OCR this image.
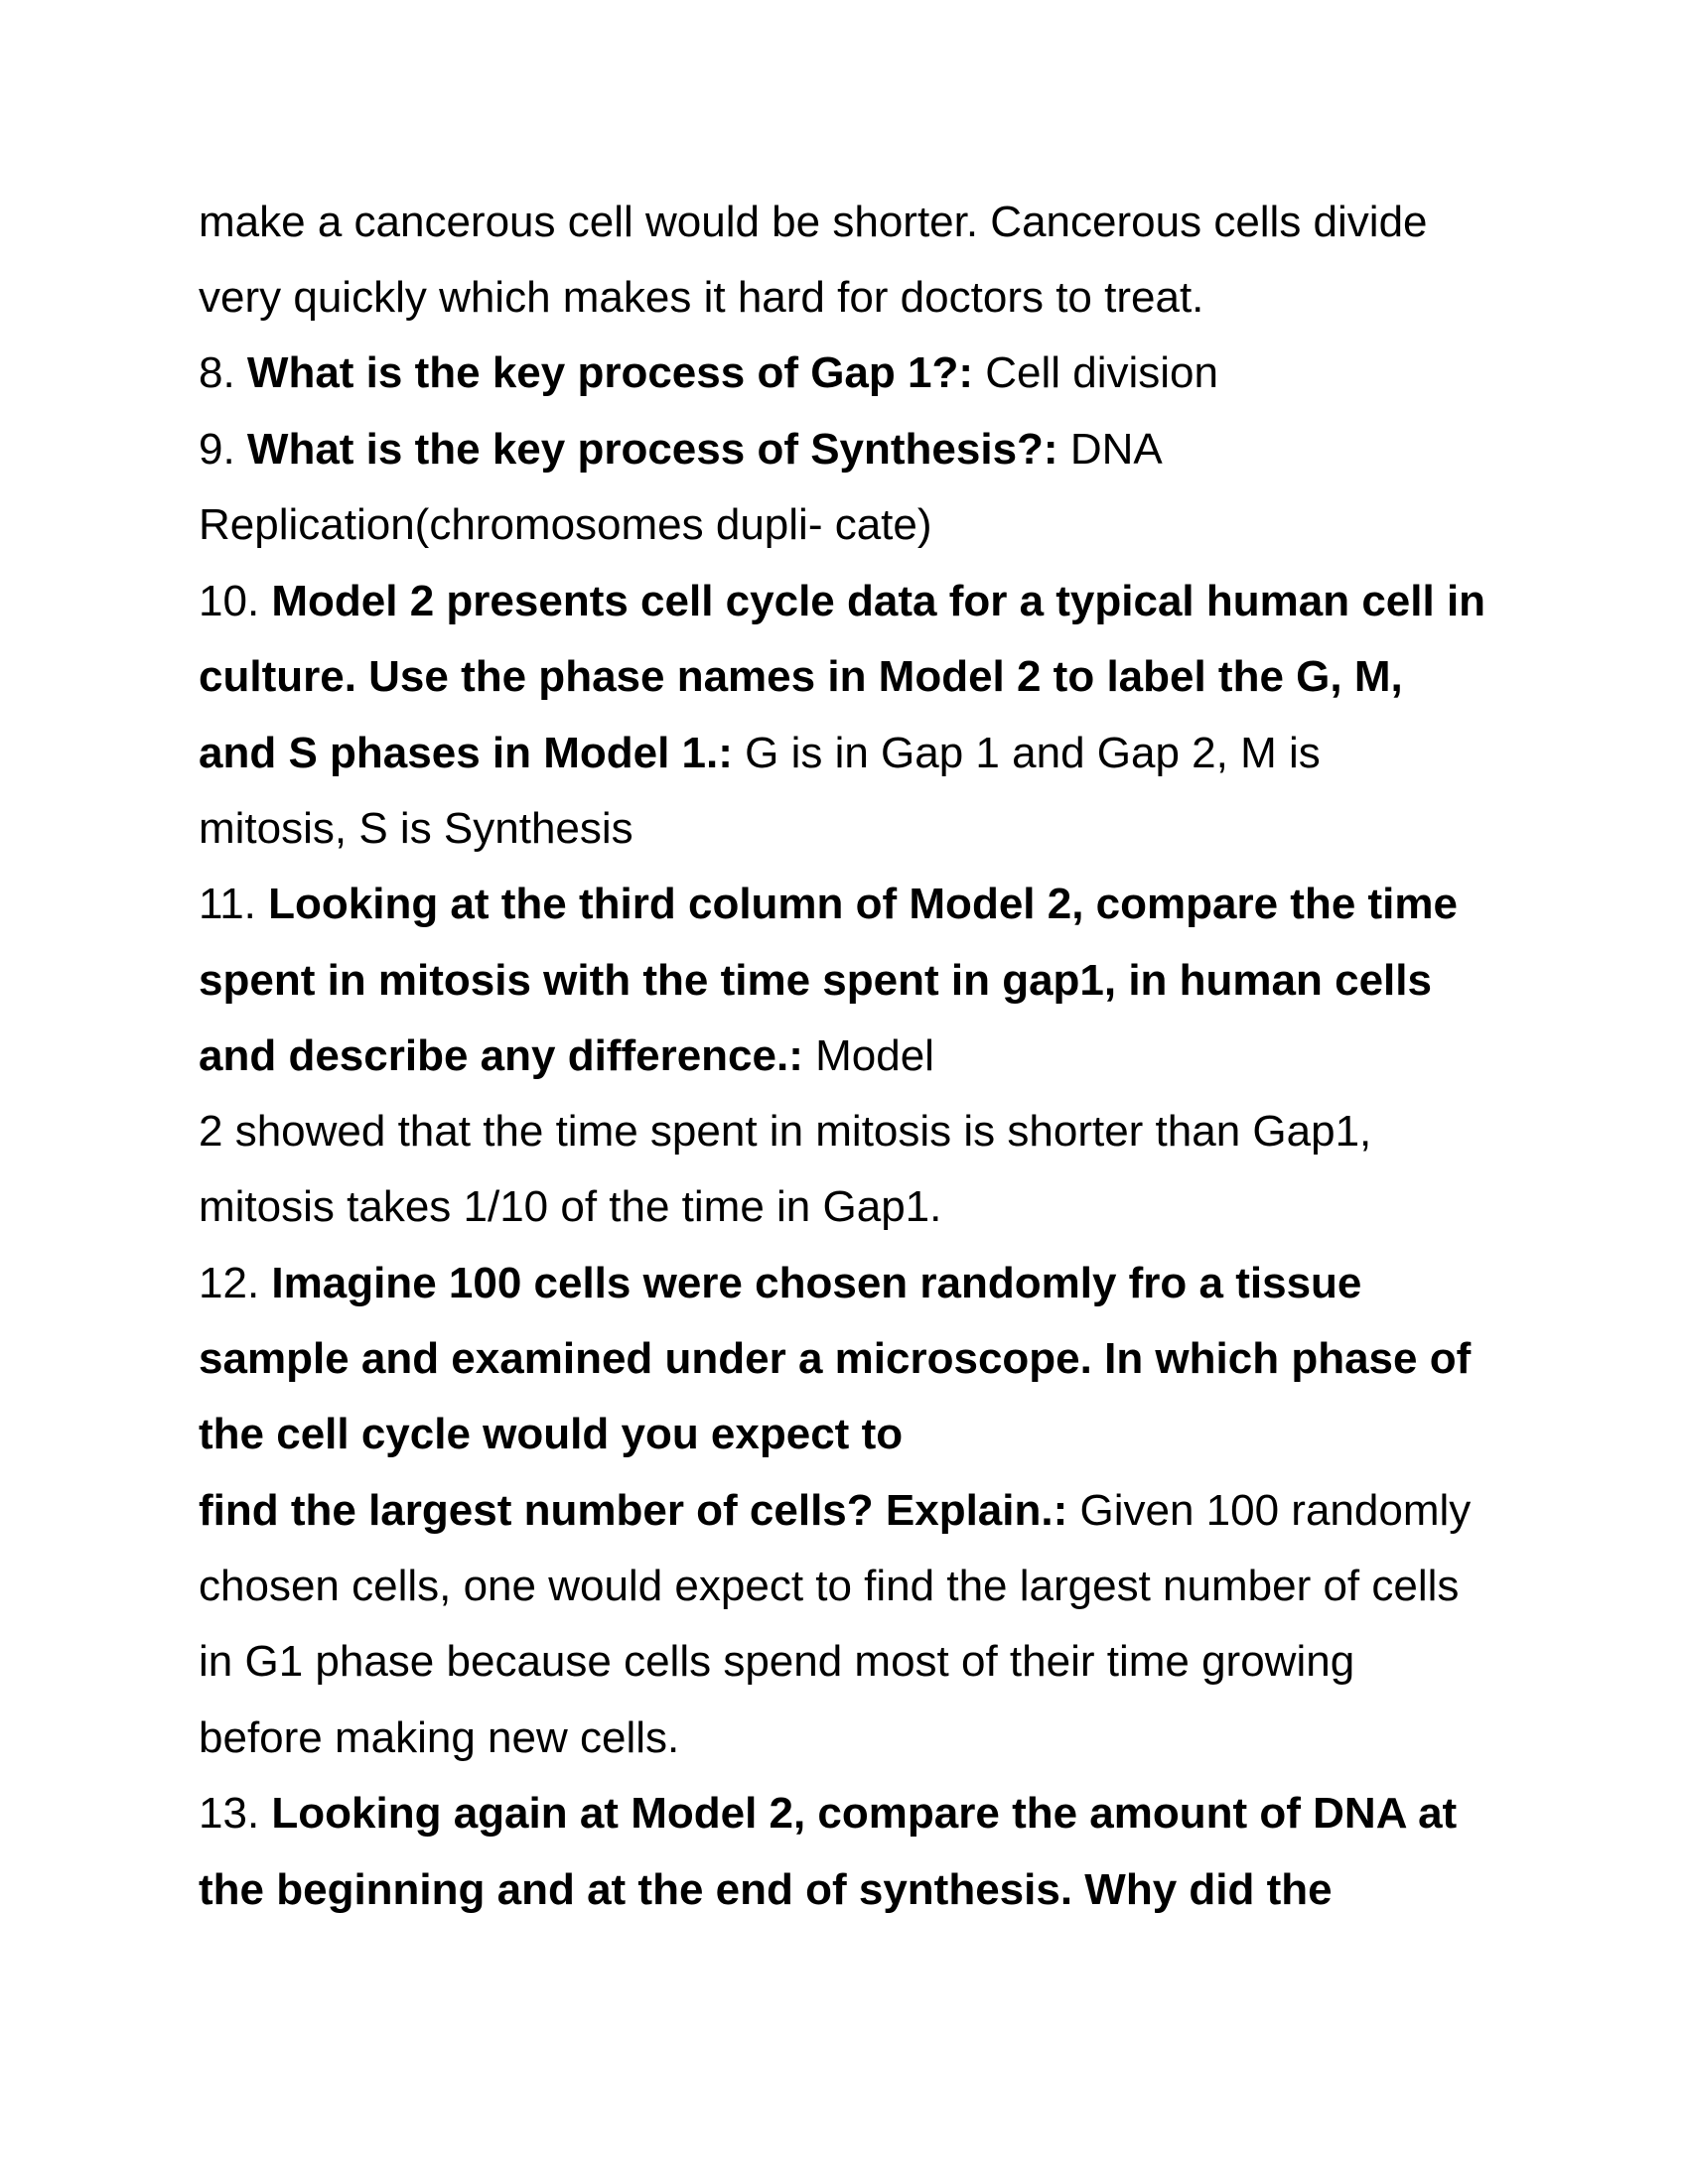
make a cancerous cell would be shorter. Cancerous cells divide
very quickly which makes it hard for doctors to treat.
8. What is the key process of Gap 1?: Cell division
9. What is the key process of Synthesis?: DNA
Replication(chromosomes dupli- cate)
10. Model 2 presents cell cycle data for a typical human cell in
culture. Use the phase names in Model 2 to label the G, M,
and S phases in Model 1.: G is in Gap 1 and Gap 2, M is
mitosis, S is Synthesis
11. Looking at the third column of Model 2, compare the time
spent in mitosis with the time spent in gap1, in human cells
and describe any difference.: Model
2 showed that the time spent in mitosis is shorter than Gap1,
mitosis takes 1/10 of the time in Gap1.
12. Imagine 100 cells were chosen randomly fro a tissue
sample and examined under a microscope. In which phase of
the cell cycle would you expect to
find the largest number of cells? Explain.: Given 100 randomly
chosen cells, one would expect to find the largest number of cells
in G1 phase because cells spend most of their time growing
before making new cells.
13. Looking again at Model 2, compare the amount of DNA at
the beginning and at the end of synthesis. Why did the
